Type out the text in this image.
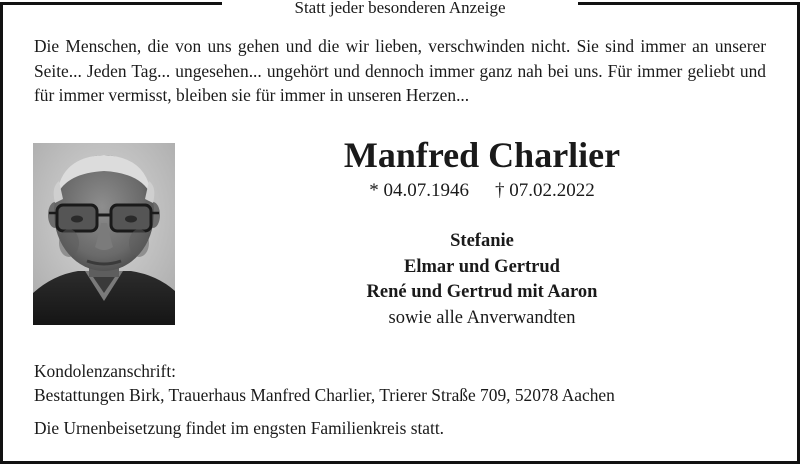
Statt jeder besonderen Anzeige
Die Menschen, die von uns gehen und die wir lieben, verschwinden nicht. Sie sind immer an unserer Seite... Jeden Tag... ungesehen... ungehört und dennoch immer ganz nah bei uns. Für immer geliebt und für immer vermisst, bleiben sie für immer in unseren Herzen...
Manfred Charlier
* 04.07.1946 † 07.02.2022
Stefanie
Elmar und Gertrud
René und Gertrud mit Aaron
sowie alle Anverwandten
Kondolenzanschrift:
Bestattungen Birk, Trauerhaus Manfred Charlier, Trierer Straße 709, 52078 Aachen
Die Urnenbeisetzung findet im engsten Familienkreis statt.
